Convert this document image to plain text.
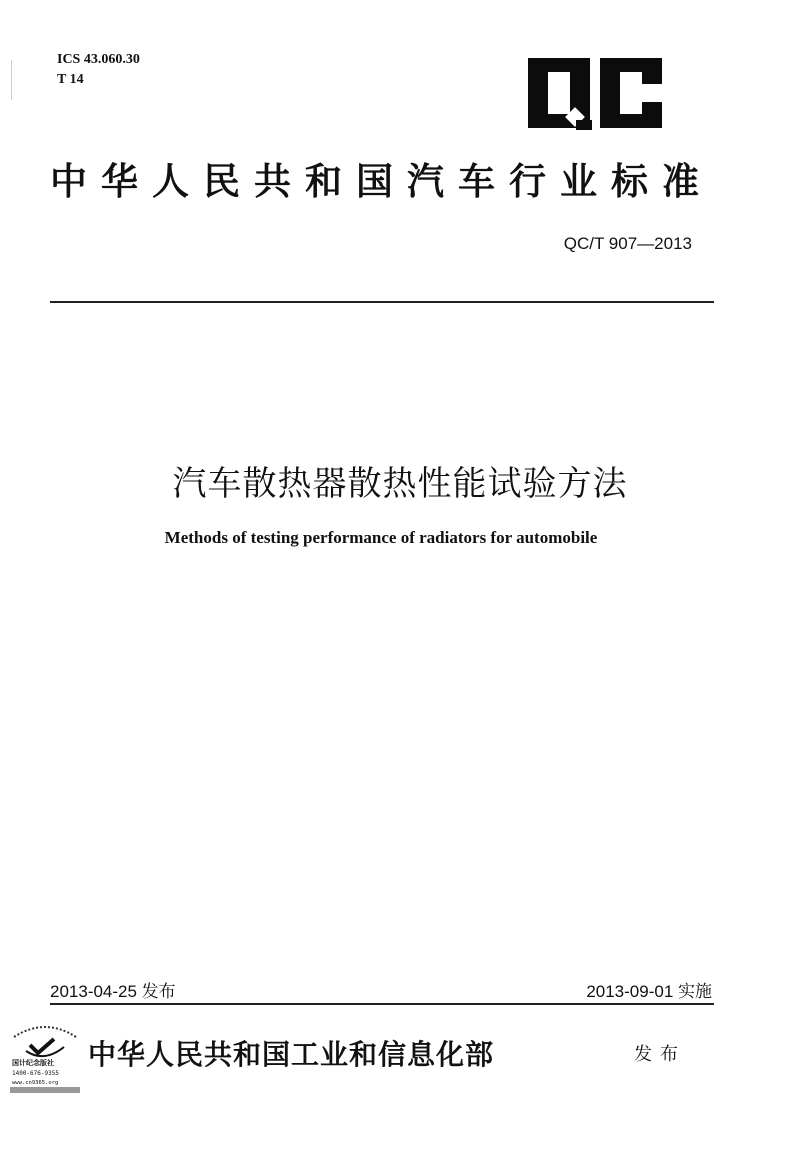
ICS 43.060.30
T 14
中华人民共和国汽车行业标准
QC/T 907—2013
汽车散热器散热性能试验方法
Methods of testing performance of radiators for automobile
2013-04-25 发布	2013-09-01 实施
国计纪念版社
1400-676-9355
www.cn9365.org
中华人民共和国工业和信息化部	发布
